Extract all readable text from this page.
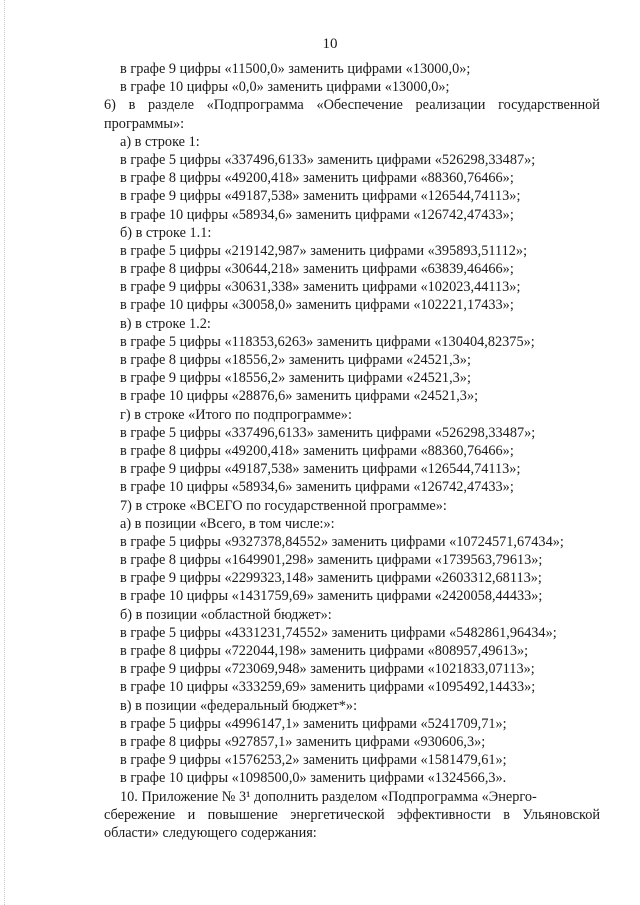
10
в графе 9 цифры «11500,0» заменить цифрами «13000,0»;
в графе 10 цифры «0,0» заменить цифрами «13000,0»;
6) в разделе «Подпрограмма «Обеспечение реализации государственной
программы»:
а) в строке 1:
в графе 5 цифры «337496,6133» заменить цифрами «526298,33487»;
в графе 8 цифры «49200,418» заменить цифрами «88360,76466»;
в графе 9 цифры «49187,538» заменить цифрами «126544,74113»;
в графе 10 цифры «58934,6» заменить цифрами «126742,47433»;
б) в строке 1.1:
в графе 5 цифры «219142,987» заменить цифрами «395893,51112»;
в графе 8 цифры «30644,218» заменить цифрами «63839,46466»;
в графе 9 цифры «30631,338» заменить цифрами «102023,44113»;
в графе 10 цифры «30058,0» заменить цифрами «102221,17433»;
в) в строке 1.2:
в графе 5 цифры «118353,6263» заменить цифрами «130404,82375»;
в графе 8 цифры «18556,2» заменить цифрами «24521,3»;
в графе 9 цифры «18556,2» заменить цифрами «24521,3»;
в графе 10 цифры «28876,6» заменить цифрами «24521,3»;
г) в строке «Итого по подпрограмме»:
в графе 5 цифры «337496,6133» заменить цифрами «526298,33487»;
в графе 8 цифры «49200,418» заменить цифрами «88360,76466»;
в графе 9 цифры «49187,538» заменить цифрами «126544,74113»;
в графе 10 цифры «58934,6» заменить цифрами «126742,47433»;
7) в строке «ВСЕГО по государственной программе»:
а) в позиции «Всего, в том числе:»:
в графе 5 цифры «9327378,84552» заменить цифрами «10724571,67434»;
в графе 8 цифры «1649901,298» заменить цифрами «1739563,79613»;
в графе 9 цифры «2299323,148» заменить цифрами «2603312,68113»;
в графе 10 цифры «1431759,69» заменить цифрами «2420058,44433»;
б) в позиции «областной бюджет»:
в графе 5 цифры «4331231,74552» заменить цифрами «5482861,96434»;
в графе 8 цифры «722044,198» заменить цифрами «808957,49613»;
в графе 9 цифры «723069,948» заменить цифрами «1021833,07113»;
в графе 10 цифры «333259,69» заменить цифрами «1095492,14433»;
в) в позиции «федеральный бюджет*»:
в графе 5 цифры «4996147,1» заменить цифрами «5241709,71»;
в графе 8 цифры «927857,1» заменить цифрами «930606,3»;
в графе 9 цифры «1576253,2» заменить цифрами «1581479,61»;
в графе 10 цифры «1098500,0» заменить цифрами «1324566,3».
10. Приложение № 3¹ дополнить разделом «Подпрограмма «Энерго-
сбережение и повышение энергетической эффективности в Ульяновской
области» следующего содержания:
